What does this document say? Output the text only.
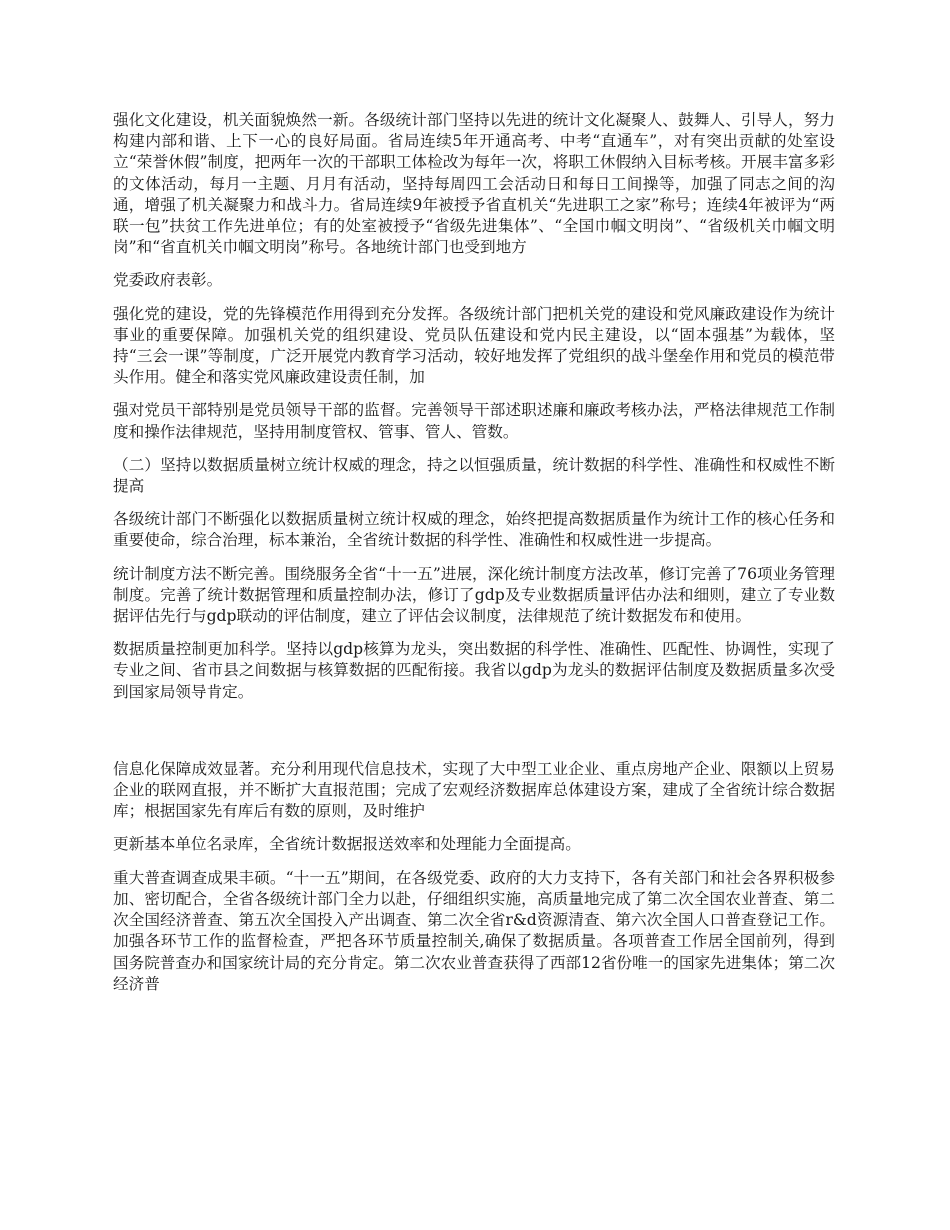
强化文化建设，机关面貌焕然一新。各级统计部门坚持以先进的统计文化凝聚人、鼓舞人、引导人，努力构建内部和谐、上下一心的良好局面。省局连续5年开通高考、中考“直通车”，对有突出贡献的处室设立“荣誉休假”制度，把两年一次的干部职工体检改为每年一次，将职工休假纳入目标考核。开展丰富多彩的文体活动，每月一主题、月月有活动，坚持每周四工会活动日和每日工间操等，加强了同志之间的沟通，增强了机关凝聚力和战斗力。省局连续9年被授予省直机关“先进职工之家”称号；连续4年被评为“两联一包”扶贫工作先进单位；有的处室被授予“省级先进集体”、“全国巾帼文明岗”、“省级机关巾帼文明岗”和“省直机关巾帼文明岗”称号。各地统计部门也受到地方

党委政府表彰。

强化党的建设，党的先锋模范作用得到充分发挥。各级统计部门把机关党的建设和党风廉政建设作为统计事业的重要保障。加强机关党的组织建设、党员队伍建设和党内民主建设，以“固本强基”为载体，坚持“三会一课”等制度，广泛开展党内教育学习活动，较好地发挥了党组织的战斗堡垒作用和党员的模范带头作用。健全和落实党风廉政建设责任制，加

强对党员干部特别是党员领导干部的监督。完善领导干部述职述廉和廉政考核办法，严格法律规范工作制度和操作法律规范，坚持用制度管权、管事、管人、管数。

（二）坚持以数据质量树立统计权威的理念，持之以恒强质量，统计数据的科学性、准确性和权威性不断提高

各级统计部门不断强化以数据质量树立统计权威的理念，始终把提高数据质量作为统计工作的核心任务和重要使命，综合治理，标本兼治，全省统计数据的科学性、准确性和权威性进一步提高。

统计制度方法不断完善。围绕服务全省“十一五”进展，深化统计制度方法改革，修订完善了76项业务管理制度。完善了统计数据管理和质量控制办法，修订了gdp及专业数据质量评估办法和细则，建立了专业数据评估先行与gdp联动的评估制度，建立了评估会议制度，法律规范了统计数据发布和使用。

数据质量控制更加科学。坚持以gdp核算为龙头，突出数据的科学性、准确性、匹配性、协调性，实现了专业之间、省市县之间数据与核算数据的匹配衔接。我省以gdp为龙头的数据评估制度及数据质量多次受到国家局领导肯定。

信息化保障成效显著。充分利用现代信息技术，实现了大中型工业企业、重点房地产企业、限额以上贸易企业的联网直报，并不断扩大直报范围；完成了宏观经济数据库总体建设方案，建成了全省统计综合数据库；根据国家先有库后有数的原则，及时维护

更新基本单位名录库，全省统计数据报送效率和处理能力全面提高。

重大普查调查成果丰硕。“十一五”期间，在各级党委、政府的大力支持下，各有关部门和社会各界积极参加、密切配合，全省各级统计部门全力以赴，仔细组织实施，高质量地完成了第二次全国农业普查、第二次全国经济普查、第五次全国投入产出调查、第二次全省r&d资源清查、第六次全国人口普查登记工作。加强各环节工作的监督检查，严把各环节质量控制关,确保了数据质量。各项普查工作居全国前列，得到国务院普查办和国家统计局的充分肯定。第二次农业普查获得了西部12省份唯一的国家先进集体；第二次经济普
